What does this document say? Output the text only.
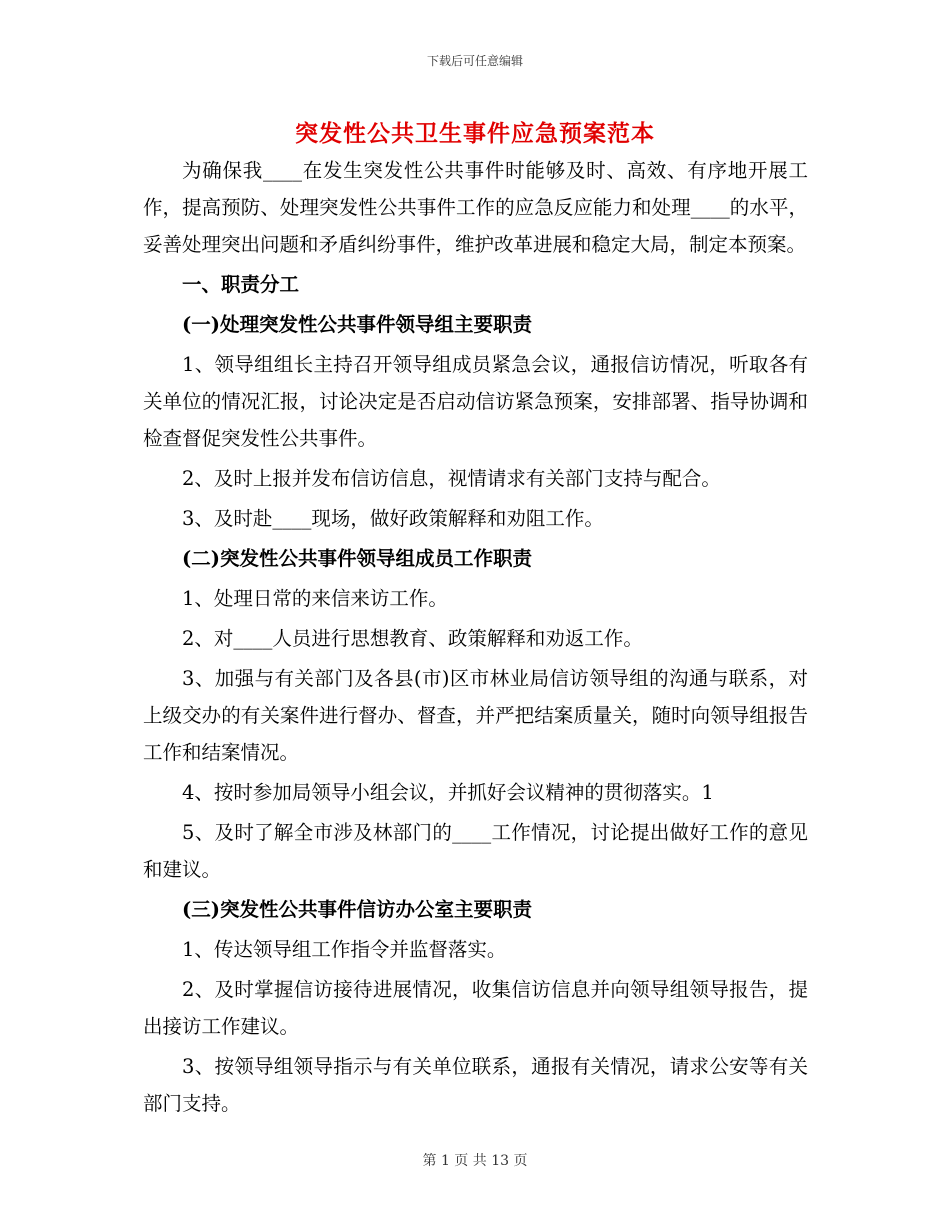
下载后可任意编辑
突发性公共卫生事件应急预案范本

为确保我____在发生突发性公共事件时能够及时、高效、有序地开展工作，提高预防、处理突发性公共事件工作的应急反应能力和处理____的水平，妥善处理突出问题和矛盾纠纷事件，维护改革进展和稳定大局，制定本预案。

一、职责分工

(一)处理突发性公共事件领导组主要职责

1、领导组组长主持召开领导组成员紧急会议，通报信访情况，听取各有关单位的情况汇报，讨论决定是否启动信访紧急预案，安排部署、指导协调和检查督促突发性公共事件。

2、及时上报并发布信访信息，视情请求有关部门支持与配合。

3、及时赴____现场，做好政策解释和劝阻工作。

(二)突发性公共事件领导组成员工作职责

1、处理日常的来信来访工作。

2、对____人员进行思想教育、政策解释和劝返工作。

3、加强与有关部门及各县(市)区市林业局信访领导组的沟通与联系，对上级交办的有关案件进行督办、督查，并严把结案质量关，随时向领导组报告工作和结案情况。

4、按时参加局领导小组会议，并抓好会议精神的贯彻落实。1

5、及时了解全市涉及林部门的____工作情况，讨论提出做好工作的意见和建议。

(三)突发性公共事件信访办公室主要职责

1、传达领导组工作指令并监督落实。

2、及时掌握信访接待进展情况，收集信访信息并向领导组领导报告，提出接访工作建议。

3、按领导组领导指示与有关单位联系，通报有关情况，请求公安等有关部门支持。

第 1 页 共 13 页
